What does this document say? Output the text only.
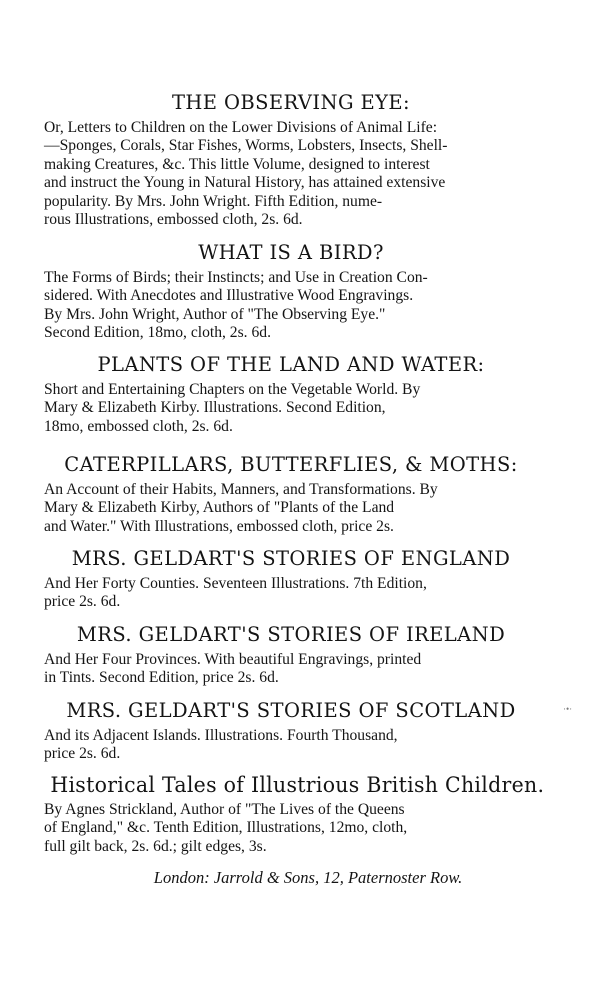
THE OBSERVING EYE:
Or, Letters to Children on the Lower Divisions of Animal Life:
—Sponges, Corals, Star Fishes, Worms, Lobsters, Insects, Shell-
making Creatures, &c. This little Volume, designed to interest
and instruct the Young in Natural History, has attained extensive
popularity. By Mrs. John Wright. Fifth Edition, nume-
rous Illustrations, embossed cloth, 2s. 6d.
WHAT IS A BIRD?
The Forms of Birds; their Instincts; and Use in Creation Con-
sidered. With Anecdotes and Illustrative Wood Engravings.
By Mrs. John Wright, Author of "The Observing Eye."
Second Edition, 18mo, cloth, 2s. 6d.
PLANTS OF THE LAND AND WATER:
Short and Entertaining Chapters on the Vegetable World. By
Mary & Elizabeth Kirby. Illustrations. Second Edition,
18mo, embossed cloth, 2s. 6d.
CATERPILLARS, BUTTERFLIES, & MOTHS:
An Account of their Habits, Manners, and Transformations. By
Mary & Elizabeth Kirby, Authors of "Plants of the Land
and Water." With Illustrations, embossed cloth, price 2s.
MRS. GELDART'S STORIES OF ENGLAND
And Her Forty Counties. Seventeen Illustrations. 7th Edition,
price 2s. 6d.
MRS. GELDART'S STORIES OF IRELAND
And Her Four Provinces. With beautiful Engravings, printed
in Tints. Second Edition, price 2s. 6d.
MRS. GELDART'S STORIES OF SCOTLAND
And its Adjacent Islands. Illustrations. Fourth Thousand,
price 2s. 6d.
Historical Tales of Illustrious British Children.
By Agnes Strickland, Author of "The Lives of the Queens
of England," &c. Tenth Edition, Illustrations, 12mo, cloth,
full gilt back, 2s. 6d.; gilt edges, 3s.
London: Jarrold & Sons, 12, Paternoster Row.
·•·
